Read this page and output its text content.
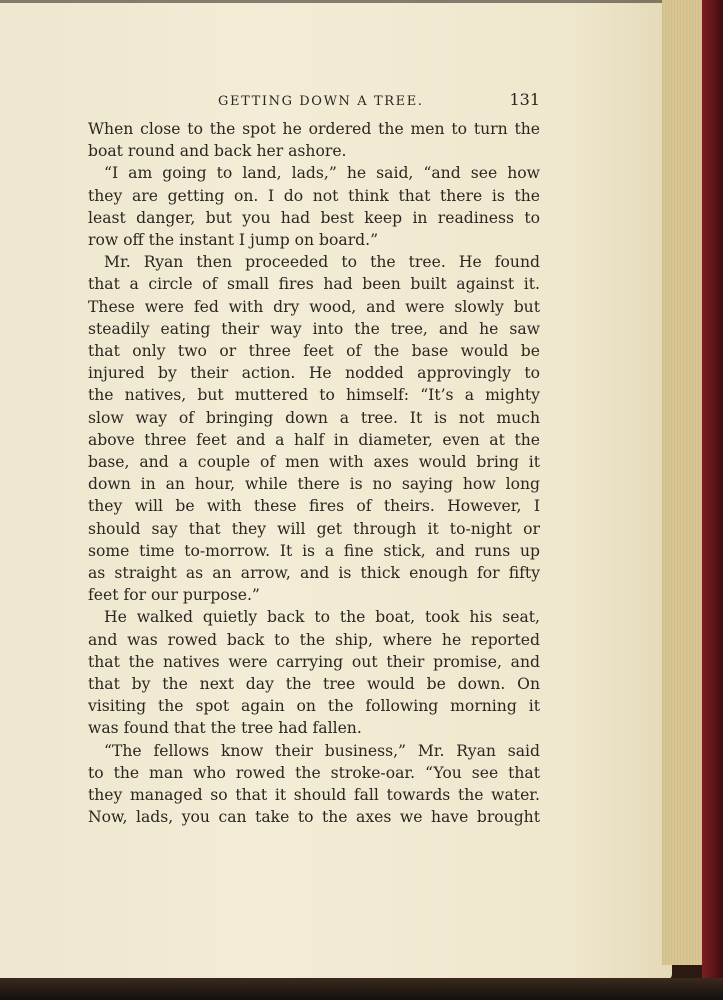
GETTING DOWN A TREE.	131
When close to the spot he ordered the men to turn the
boat round and back her ashore.
“I am going to land, lads,” he said, “and see how
they are getting on. I do not think that there is the
least danger, but you had best keep in readiness to
row off the instant I jump on board.”
Mr. Ryan then proceeded to the tree. He found
that a circle of small fires had been built against it.
These were fed with dry wood, and were slowly but
steadily eating their way into the tree, and he saw
that only two or three feet of the base would be
injured by their action. He nodded approvingly to
the natives, but muttered to himself: “It’s a mighty
slow way of bringing down a tree. It is not much
above three feet and a half in diameter, even at the
base, and a couple of men with axes would bring it
down in an hour, while there is no saying how long
they will be with these fires of theirs. However, I
should say that they will get through it to-night or
some time to-morrow. It is a fine stick, and runs up
as straight as an arrow, and is thick enough for fifty
feet for our purpose.”
He walked quietly back to the boat, took his seat,
and was rowed back to the ship, where he reported
that the natives were carrying out their promise, and
that by the next day the tree would be down. On
visiting the spot again on the following morning it
was found that the tree had fallen.
“The fellows know their business,” Mr. Ryan said
to the man who rowed the stroke-oar. “You see that
they managed so that it should fall towards the water.
Now, lads, you can take to the axes we have brought
